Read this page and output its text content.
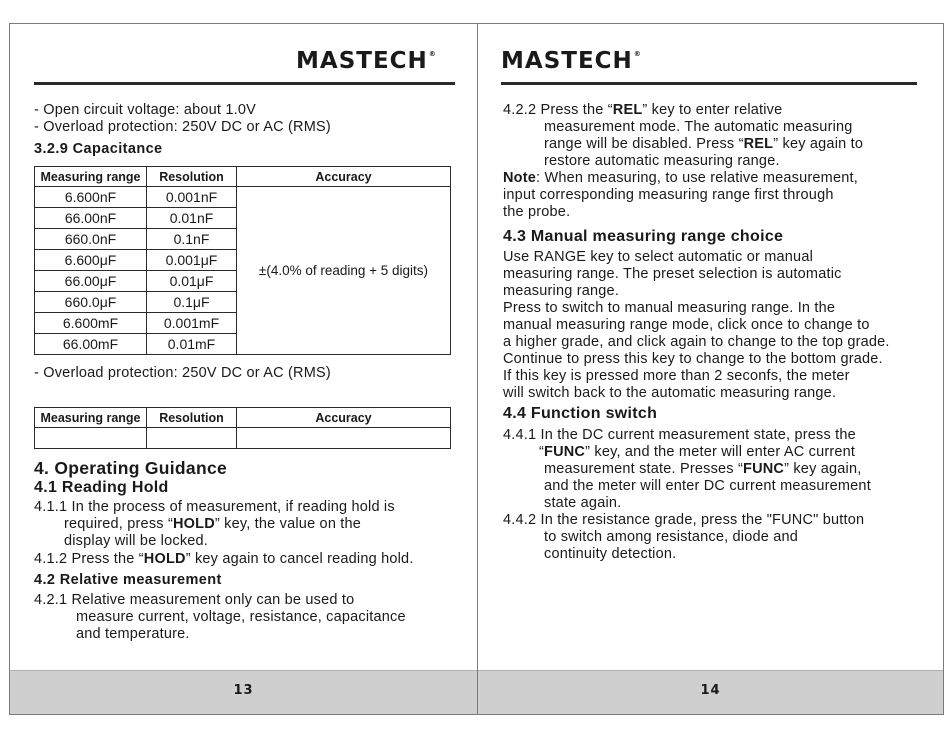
MASTECH®
- Open circuit voltage: about 1.0V
- Overload protection: 250V DC or AC (RMS)
3.2.9 Capacitance
Measuring range	Resolution	Accuracy
6.600nF	0.001nF	±(4.0% of reading + 5 digits)
66.00nF	0.01nF	
660.0nF	0.1nF	
6.600μF	0.001μF	
66.00μF	0.01μF	
660.0μF	0.1μF	
6.600mF	0.001mF	
66.00mF	0.01mF	
- Overload protection: 250V DC or AC (RMS)
Measuring range	Resolution	Accuracy

4. Operating Guidance
4.1 Reading Hold
4.1.1 In the process of measurement, if reading hold is
required, press “HOLD” key, the value on the
display will be locked.
4.1.2 Press the “HOLD” key again to cancel reading hold.
4.2 Relative measurement
4.2.1 Relative measurement only can be used to
measure current, voltage, resistance, capacitance
and temperature.
13
MASTECH®
4.2.2 Press the “REL” key to enter relative
measurement mode. The automatic measuring
range will be disabled. Press “REL” key again to
restore automatic measuring range.
Note: When measuring, to use relative measurement,
input corresponding measuring range first through
the probe.
4.3 Manual measuring range choice
Use RANGE key to select automatic or manual
measuring range. The preset selection is automatic
measuring range.
Press to switch to manual measuring range. In the
manual measuring range mode, click once to change to
a higher grade, and click again to change to the top grade.
Continue to press this key to change to the bottom grade.
If this key is pressed more than 2 seconfs, the meter
will switch back to the automatic measuring range.
4.4 Function switch
4.4.1 In the DC current measurement state, press the
“FUNC” key, and the meter will enter AC current
measurement state. Presses “FUNC” key again,
and the meter will enter DC current measurement
state again.
4.4.2 In the resistance grade, press the "FUNC" button
to switch among resistance, diode and
continuity detection.
14
